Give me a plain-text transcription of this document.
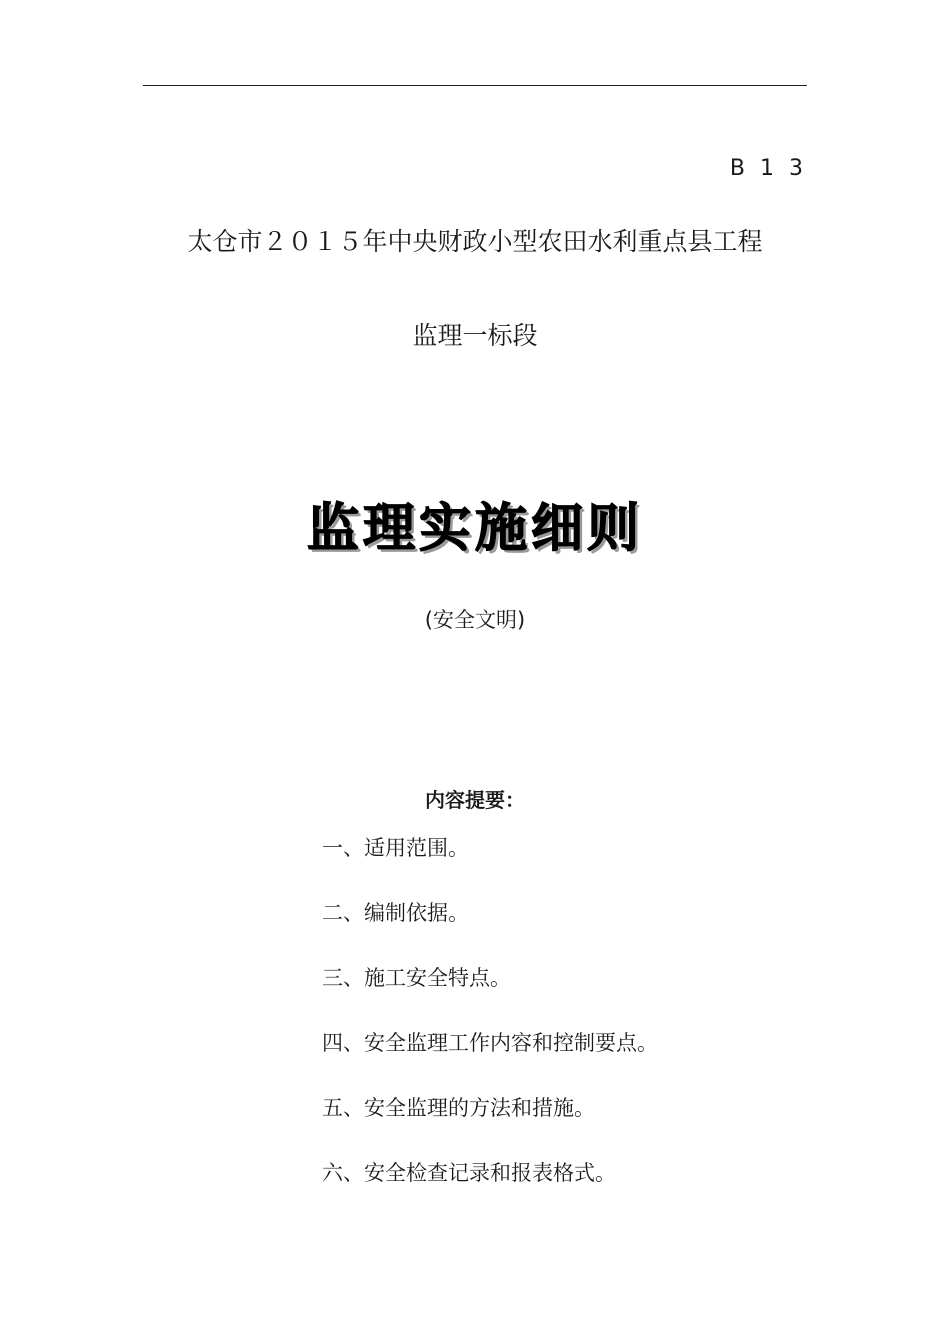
B 1 3
太仓市２０１５年中央财政小型农田水利重点县工程
监理一标段
监理实施细则
(安全文明)
内容提要：
一、适用范围。
二、编制依据。
三、施工安全特点。
四、安全监理工作内容和控制要点。
五、安全监理的方法和措施。
六、安全检查记录和报表格式。
